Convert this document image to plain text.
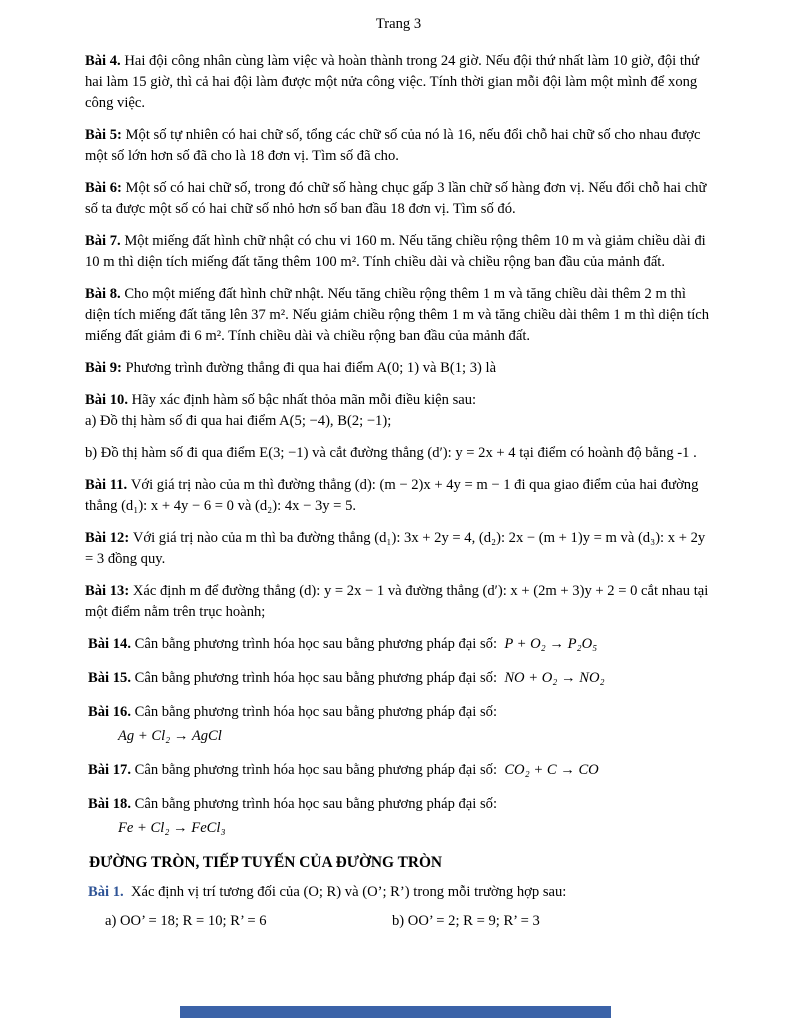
Trang 3
Bài 4. Hai đội công nhân cùng làm việc và hoàn thành trong 24 giờ. Nếu đội thứ nhất làm 10 giờ, đội thứ hai làm 15 giờ, thì cả hai đội làm được một nửa công việc. Tính thời gian mỗi đội làm một mình để xong công việc.
Bài 5: Một số tự nhiên có hai chữ số, tổng các chữ số của nó là 16, nếu đổi chỗ hai chữ số cho nhau được một số lớn hơn số đã cho là 18 đơn vị. Tìm số đã cho.
Bài 6: Một số có hai chữ số, trong đó chữ số hàng chục gấp 3 lần chữ số hàng đơn vị. Nếu đổi chỗ hai chữ số ta được một số có hai chữ số nhỏ hơn số ban đầu 18 đơn vị. Tìm số đó.
Bài 7. Một miếng đất hình chữ nhật có chu vi 160 m. Nếu tăng chiều rộng thêm 10 m và giảm chiều dài đi 10 m thì diện tích miếng đất tăng thêm 100 m². Tính chiều dài và chiều rộng ban đầu của mảnh đất.
Bài 8. Cho một miếng đất hình chữ nhật. Nếu tăng chiều rộng thêm 1 m và tăng chiều dài thêm 2 m thì diện tích miếng đất tăng lên 37 m². Nếu giảm chiều rộng thêm 1 m và tăng chiều dài thêm 1 m thì diện tích miếng đất giảm đi 6 m². Tính chiều dài và chiều rộng ban đầu của mảnh đất.
Bài 9: Phương trình đường thẳng đi qua hai điểm A(0; 1) và B(1; 3) là
Bài 10. Hãy xác định hàm số bậc nhất thỏa mãn mỗi điều kiện sau:
a) Đồ thị hàm số đi qua hai điểm A(5; −4), B(2; −1);
b) Đồ thị hàm số đi qua điểm E(3; −1) và cắt đường thẳng (d′): y = 2x + 4 tại điểm có hoành độ bằng -1 .
Bài 11. Với giá trị nào của m thì đường thẳng (d): (m − 2)x + 4y = m − 1 đi qua giao điểm của hai đường thẳng (d₁): x + 4y − 6 = 0 và (d₂): 4x − 3y = 5.
Bài 12: Với giá trị nào của m thì ba đường thẳng (d₁): 3x + 2y = 4, (d₂): 2x − (m + 1)y = m và (d₃): x + 2y = 3 đồng quy.
Bài 13: Xác định m để đường thẳng (d): y = 2x − 1 và đường thẳng (d′): x + (2m + 3)y + 2 = 0 cắt nhau tại một điểm nằm trên trục hoành;
Bài 14. Cân bằng phương trình hóa học sau bằng phương pháp đại số:  P + O₂ → P₂O₅
Bài 15. Cân bằng phương trình hóa học sau bằng phương pháp đại số:  NO + O₂ → NO₂
Bài 16. Cân bằng phương trình hóa học sau bằng phương pháp đại số:
Ag + Cl₂ → AgCl
Bài 17. Cân bằng phương trình hóa học sau bằng phương pháp đại số:  CO₂ + C → CO
Bài 18. Cân bằng phương trình hóa học sau bằng phương pháp đại số:
Fe + Cl₂ → FeCl₃
ĐƯỜNG TRÒN, TIẾP TUYẾN CỦA ĐƯỜNG TRÒN

Bài 1. Xác định vị trí tương đối của (O; R) và (O’; R’) trong mỗi trường hợp sau:

a) OO’ = 18; R = 10; R’ = 6	b) OO’ = 2; R = 9; R’ = 3
